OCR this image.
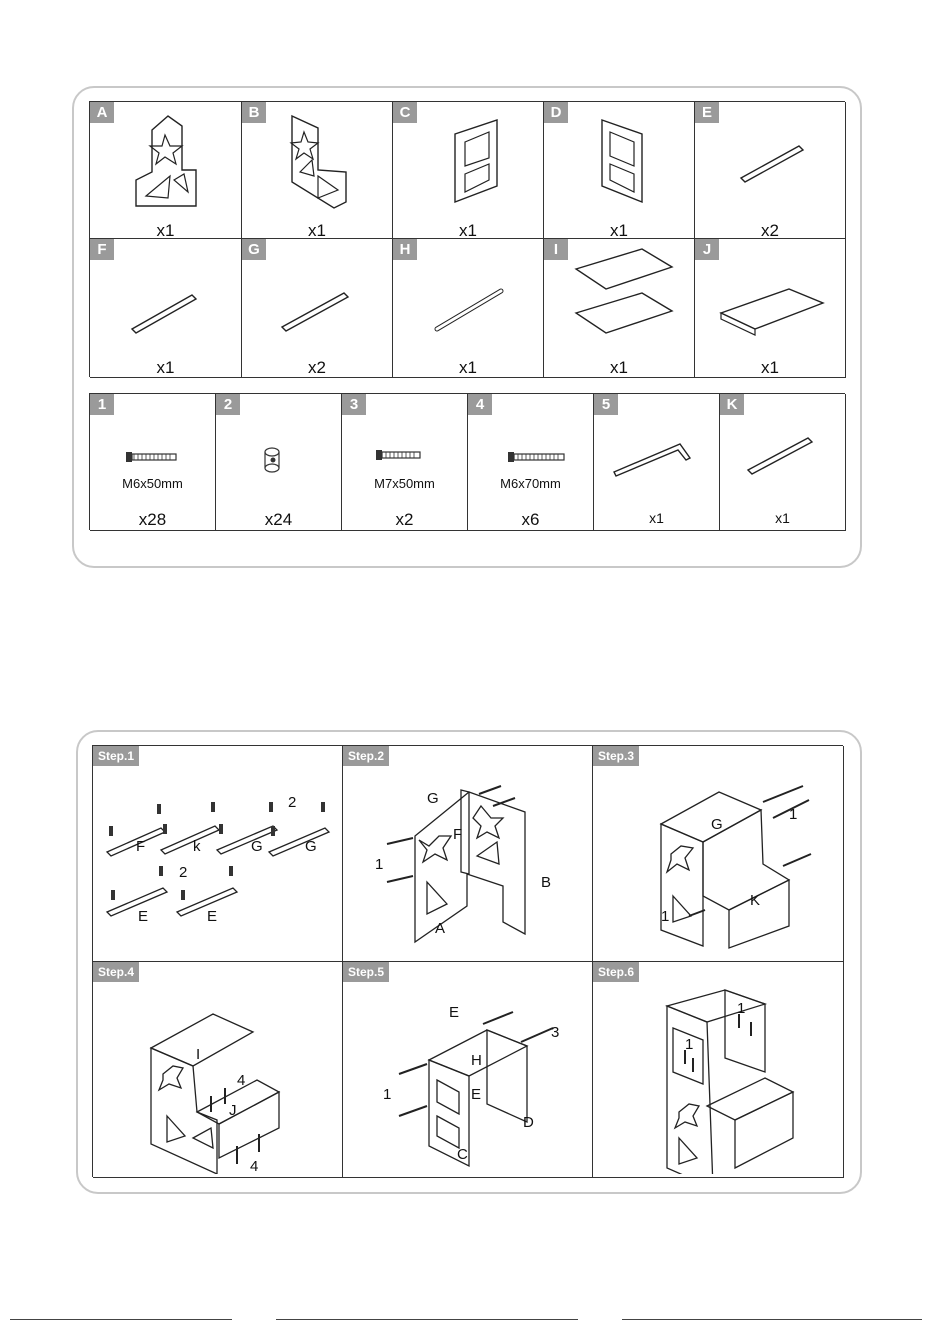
A
x1
B
x1
C
x1
D
x1
E
x2
F
x1
G
x2
H
x1
I
x1
J
x1
1
M6x50mm
x28
2
x24
3
M7x50mm
x2
4
M6x70mm
x6
5
x1
K
x1
Step.1
F	k	G	G
2
E	E
2
Step.2
G
F
1
B
A
Step.3
G
1
1
K
Step.4
I
4
J
4
Step.5
E
H
3
1	E
D
C
Step.6
1
1
